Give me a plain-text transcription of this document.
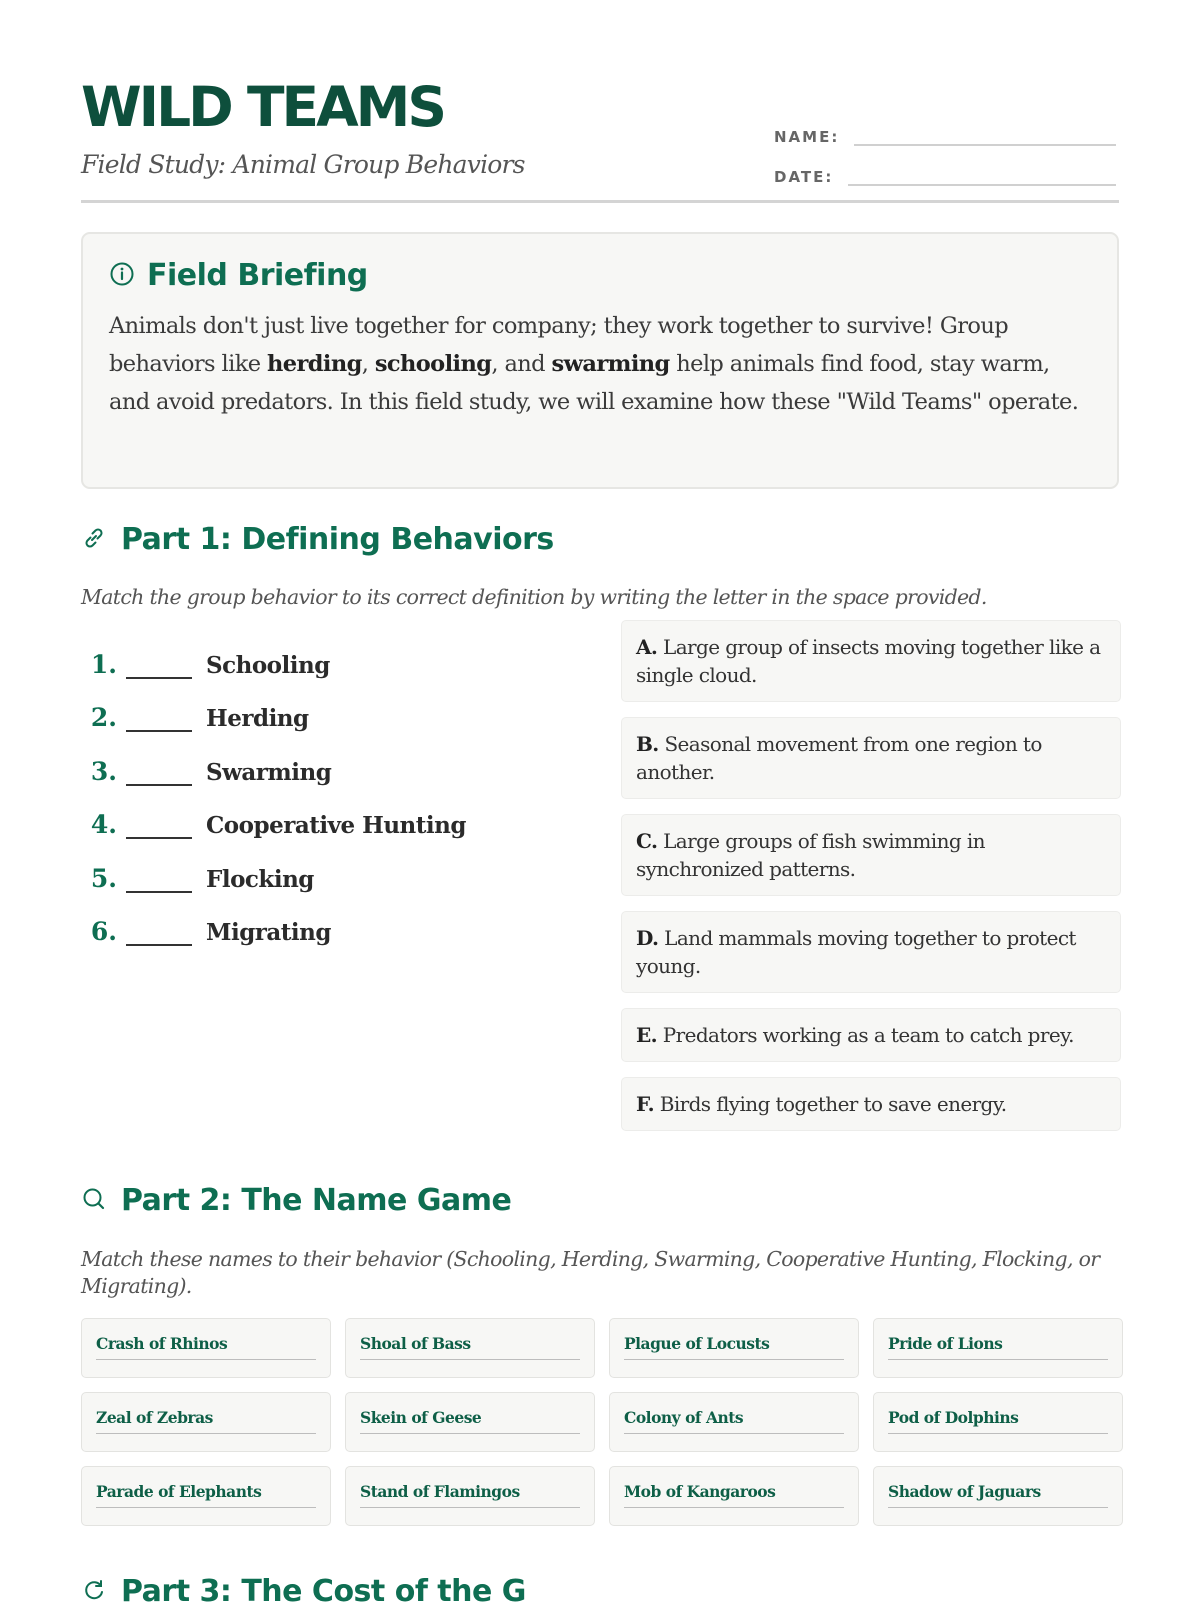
WILD TEAMS
Field Study: Animal Group Behaviors
NAME:
DATE:
Field Briefing

Animals don't just live together for company; they work together to survive! Group behaviors like herding, schooling, and swarming help animals find food, stay warm, and avoid predators. In this field study, we will examine how these "Wild Teams" operate.

Part 1: Defining Behaviors
Match the group behavior to its correct definition by writing the letter in the space provided.
1.	Schooling
2.	Herding
3.	Swarming
4.	Cooperative Hunting
5.	Flocking
6.	Migrating
A. Large group of insects moving together like a single cloud.
B. Seasonal movement from one region to another.
C. Large groups of fish swimming in synchronized patterns.
D. Land mammals moving together to protect young.
E. Predators working as a team to catch prey.
F. Birds flying together to save energy.
Part 2: The Name Game
Match these names to their behavior (Schooling, Herding, Swarming, Cooperative Hunting, Flocking, or Migrating).
Crash of Rhinos	Shoal of Bass	Plague of Locusts	Pride of Lions
Zeal of Zebras	Skein of Geese	Colony of Ants	Pod of Dolphins
Parade of Elephants	Stand of Flamingos	Mob of Kangaroos	Shadow of Jaguars
Part 3: The Cost of the G
